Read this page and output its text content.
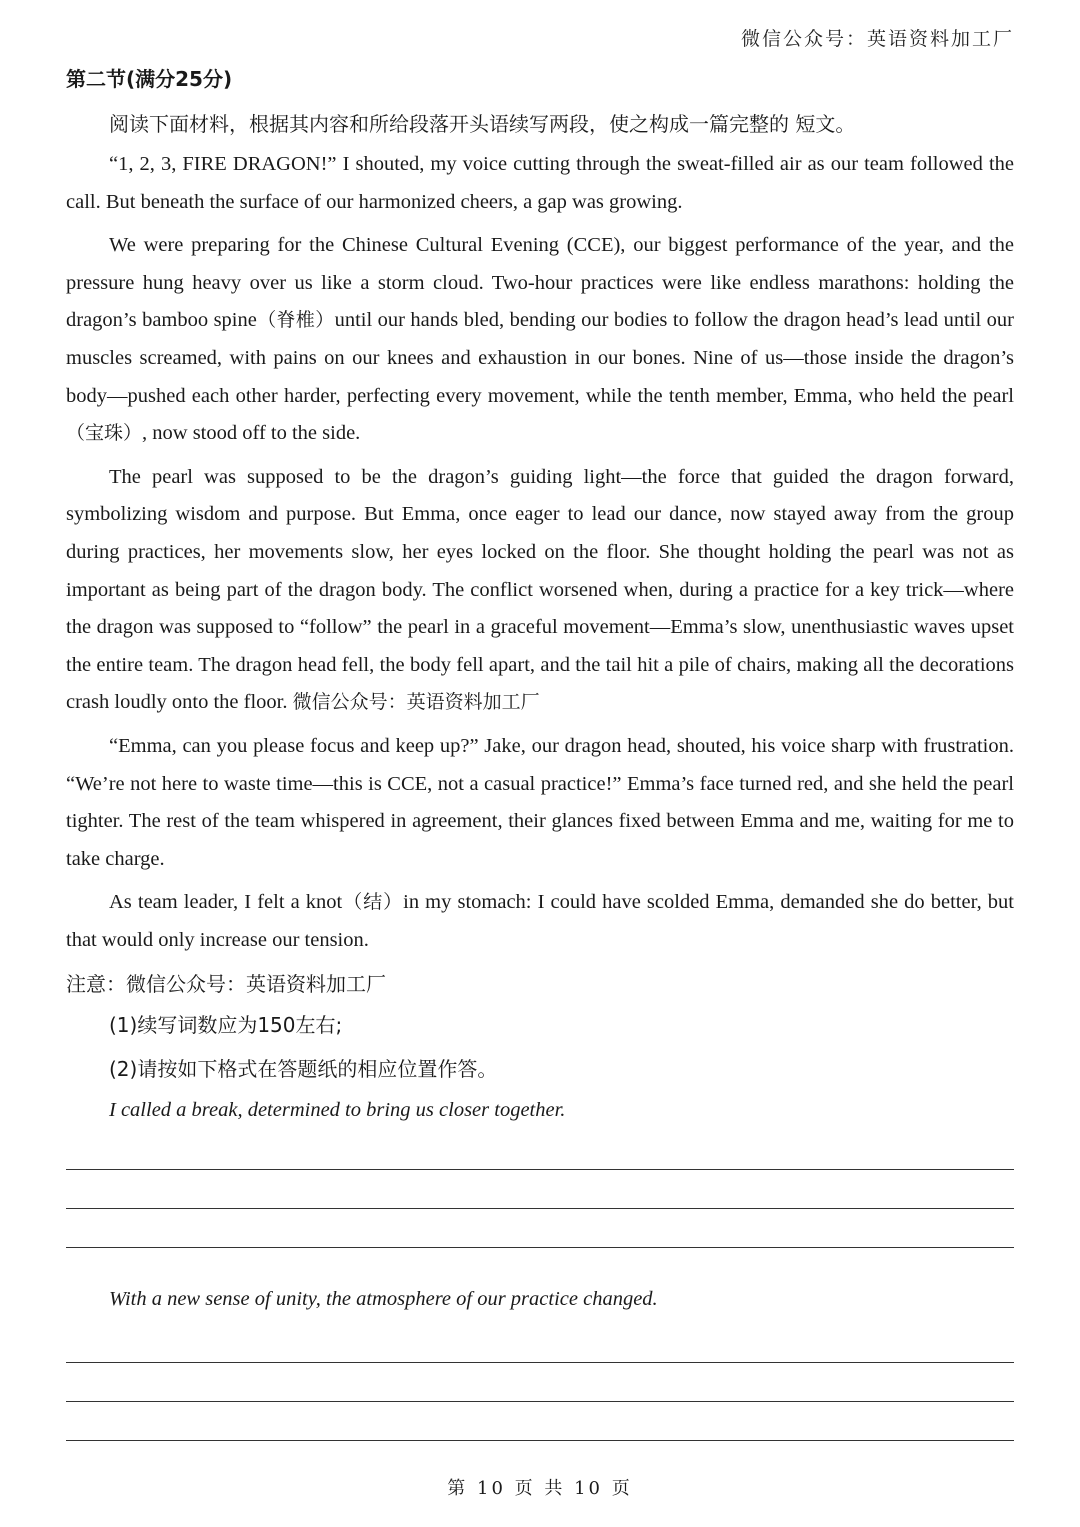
微信公众号：英语资料加工厂
第二节(满分25分)

阅读下面材料，根据其内容和所给段落开头语续写两段，使之构成一篇完整的 短文。

“1, 2, 3, FIRE DRAGON!” I shouted, my voice cutting through the sweat-filled air as our team followed the call. But beneath the surface of our harmonized cheers, a gap was growing.

We were preparing for the Chinese Cultural Evening (CCE), our biggest performance of the year, and the pressure hung heavy over us like a storm cloud. Two-hour practices were like endless marathons: holding the dragon’s bamboo spine（脊椎）until our hands bled, bending our bodies to follow the dragon head’s lead until our muscles screamed, with pains on our knees and exhaustion in our bones. Nine of us—those inside the dragon’s body—pushed each other harder, perfecting every movement, while the tenth member, Emma, who held the pearl（宝珠）, now stood off to the side.

The pearl was supposed to be the dragon’s guiding light—the force that guided the dragon forward, symbolizing wisdom and purpose. But Emma, once eager to lead our dance, now stayed away from the group during practices, her movements slow, her eyes locked on the floor. She thought holding the pearl was not as important as being part of the dragon body. The conflict worsened when, during a practice for a key trick—where the dragon was supposed to “follow” the pearl in a graceful movement—Emma’s slow, unenthusiastic waves upset the entire team. The dragon head fell, the body fell apart, and the tail hit a pile of chairs, making all the decorations crash loudly onto the floor. 微信公众号：英语资料加工厂

“Emma, can you please focus and keep up?” Jake, our dragon head, shouted, his voice sharp with frustration. “We’re not here to waste time—this is CCE, not a casual practice!” Emma’s face turned red, and she held the pearl tighter. The rest of the team whispered in agreement, their glances fixed between Emma and me, waiting for me to take charge.

As team leader, I felt a knot（结）in my stomach: I could have scolded Emma, demanded she do better, but that would only increase our tension.

注意：微信公众号：英语资料加工厂

(1)续写词数应为150左右;

(2)请按如下格式在答题纸的相应位置作答。

I called a break, determined to bring us closer together.

With a new sense of unity, the atmosphere of our practice changed.

第 10 页 共 10 页
